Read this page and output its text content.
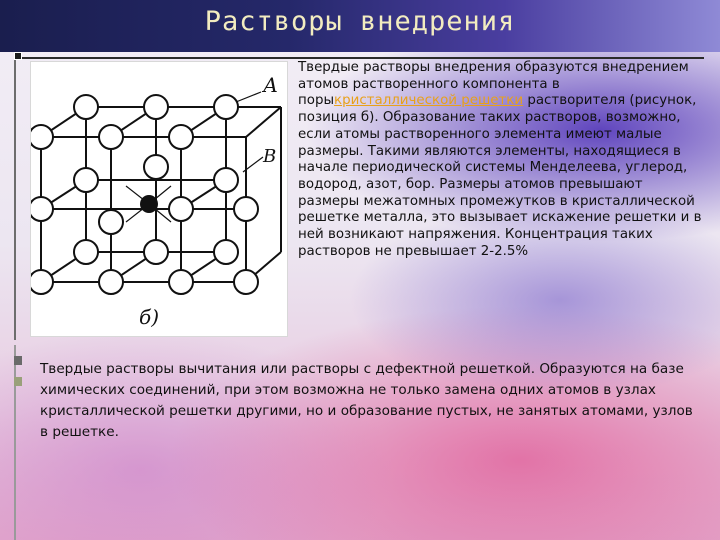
Растворы внедрения
А
В
б)
Твердые растворы внедрения образуются внедрением атомов растворенного компонента в порыкристаллической решетки растворителя (рисунок, позиция б). Образование таких растворов, возможно, если атомы растворенного элемента имеют малые размеры. Такими являются элементы, находящиеся в начале периодической системы Менделеева, углерод, водород, азот, бор. Размеры атомов превышают размеры межатомных промежутков в кристаллической решетке металла, это вызывает искажение решетки и в ней возникают напряжения. Концентрация таких растворов не превышает 2-2.5%
Твердые растворы вычитания или растворы с дефектной решеткой. Образуются на базе химических соединений, при этом возможна не только замена одних атомов в узлах кристаллической решетки другими, но и образование пустых, не занятых атомами, узлов в решетке.
